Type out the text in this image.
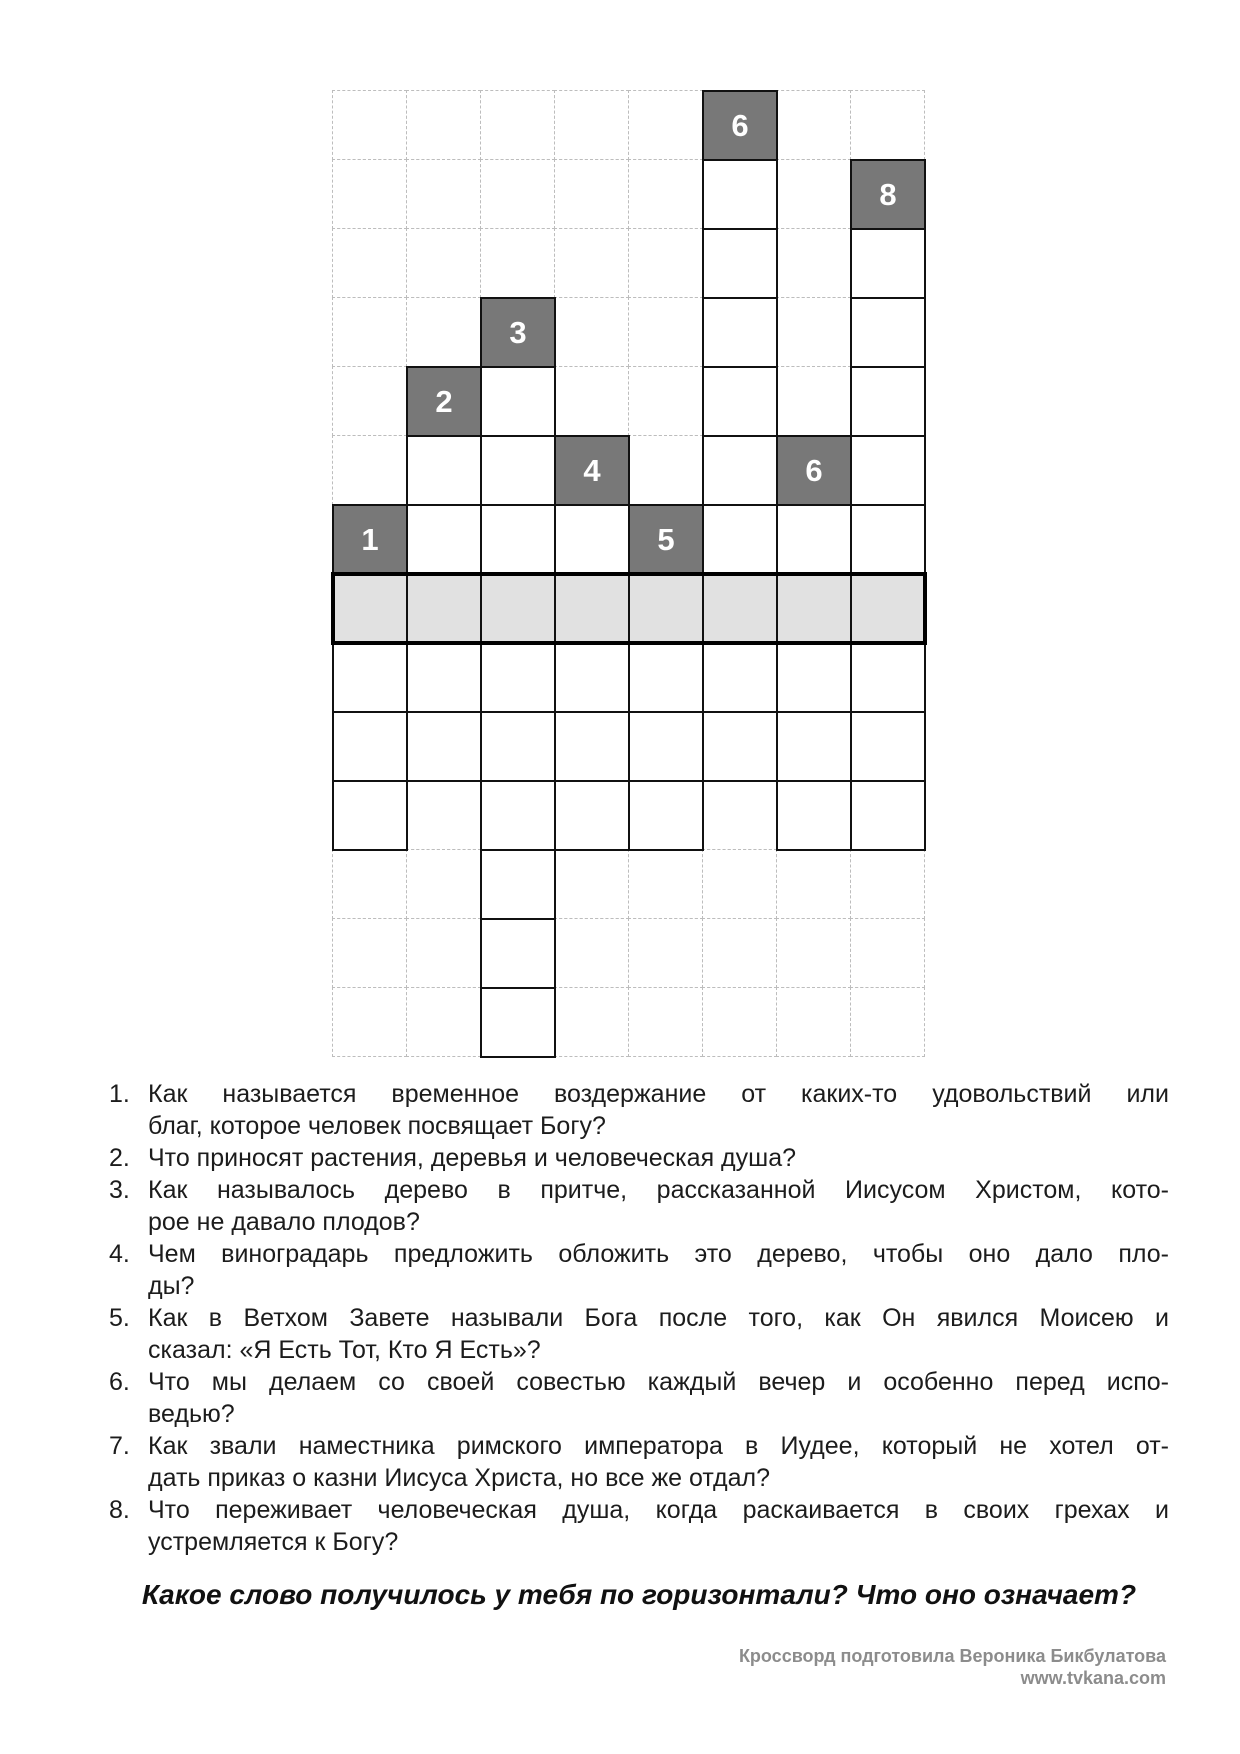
6
8
3
2
4	6
1	5
1. Как называется временное воздержание от каких-то удовольствий или
благ, которое человек посвящает Богу?
2. Что приносят растения, деревья и человеческая душа?
3. Как называлось дерево в притче, рассказанной Иисусом Христом, кото-
рое не давало плодов?
4. Чем виноградарь предложить обложить это дерево, чтобы оно дало пло-
ды?
5. Как в Ветхом Завете называли Бога после того, как Он явился Моисею и
сказал: «Я Есть Тот, Кто Я Есть»?
6. Что мы делаем со своей совестью каждый вечер и особенно перед испо-
ведью?
7. Как звали наместника римского императора в Иудее, который не хотел от-
дать приказ о казни Иисуса Христа, но все же отдал?
8. Что переживает человеческая душа, когда раскаивается в своих грехах и
устремляется к Богу?
Какое слово получилось у тебя по горизонтали? Что оно означает?
Кроссворд подготовила Вероника Бикбулатова
www.tvkana.com
